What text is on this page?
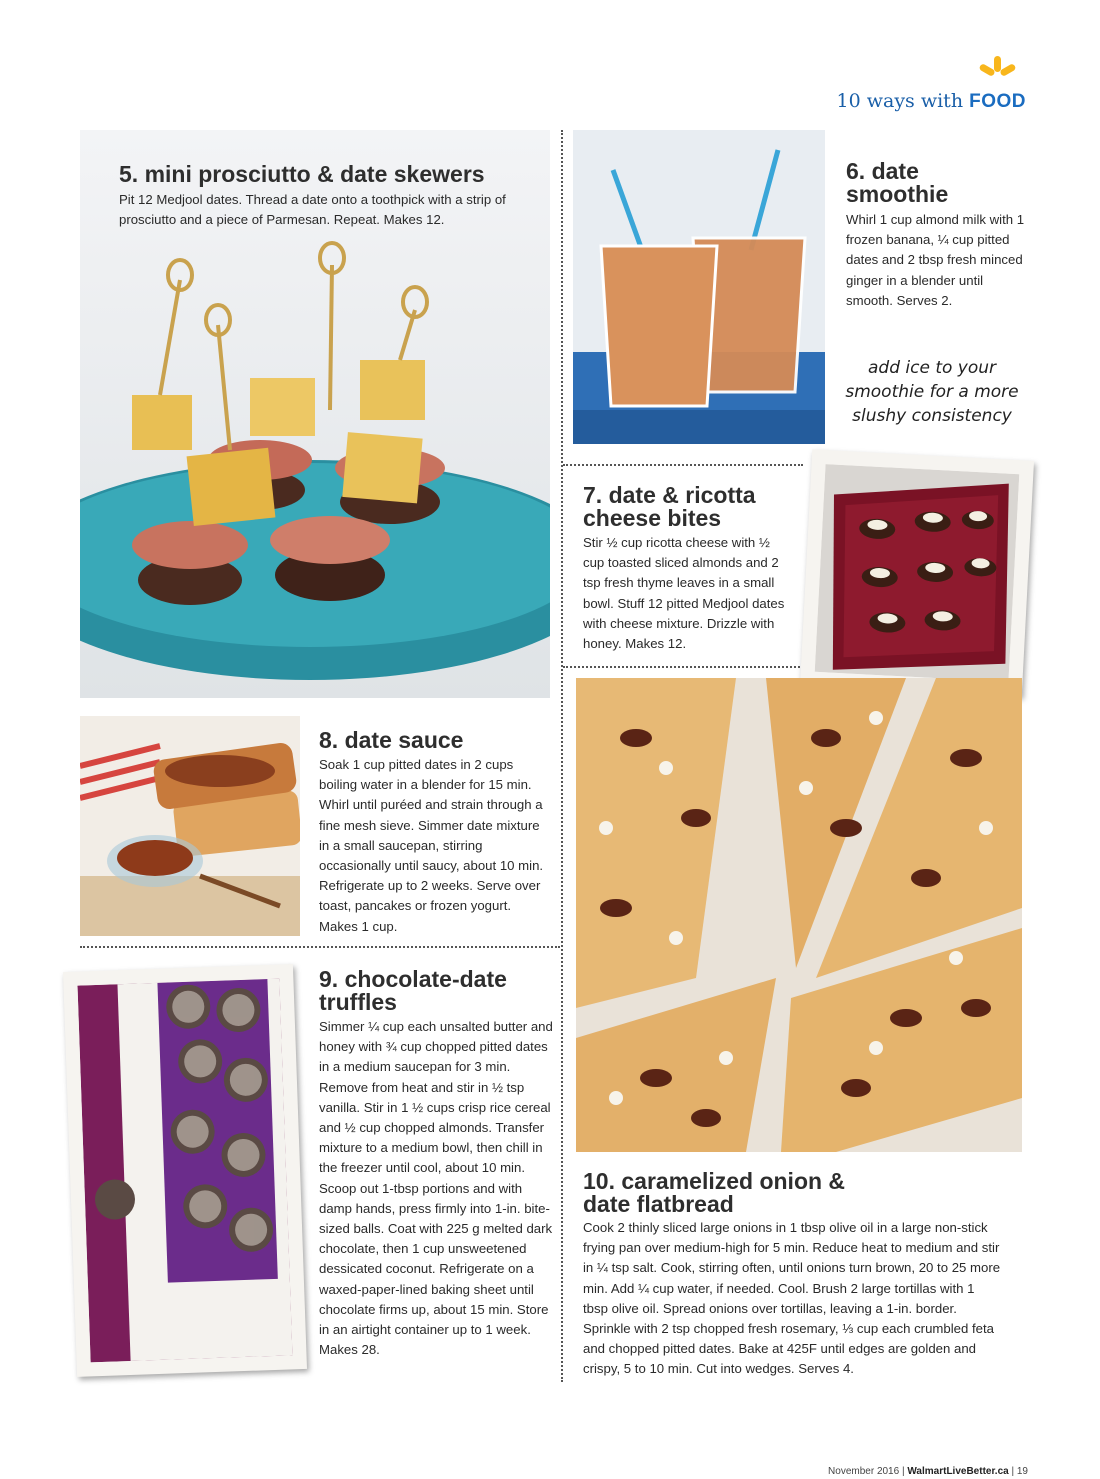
10 ways with FOOD
5. mini prosciutto & date skewers
Pit 12 Medjool dates. Thread a date onto a toothpick with a strip of prosciutto and a piece of Parmesan. Repeat. Makes 12.
6. date
smoothie
Whirl 1 cup almond milk with 1 frozen banana, ¼ cup pitted dates and 2 tbsp fresh minced ginger in a blender until smooth. Serves 2.
add ice to your smoothie for a more slushy consistency
7. date & ricotta
cheese bites
Stir ½ cup ricotta cheese with ½ cup toasted sliced almonds and 2 tsp fresh thyme leaves in a small bowl. Stuff 12 pitted Medjool dates with cheese mixture. Drizzle with honey. Makes 12.
8. date sauce
Soak 1 cup pitted dates in 2 cups boiling water in a blender for 15 min. Whirl until puréed and strain through a fine mesh sieve. Simmer date mixture in a small saucepan, stirring occasionally until saucy, about 10 min. Refrigerate up to 2 weeks. Serve over toast, pancakes or frozen yogurt. Makes 1 cup.
9. chocolate-date
truffles
Simmer ¼ cup each unsalted butter and honey with ¾ cup chopped pitted dates in a medium saucepan for 3 min. Remove from heat and stir in ½ tsp vanilla. Stir in 1 ½ cups crisp rice cereal and ½ cup chopped almonds. Transfer mixture to a medium bowl, then chill in the freezer until cool, about 10 min. Scoop out 1-tbsp portions and with damp hands, press firmly into 1-in. bite-sized balls. Coat with 225 g melted dark chocolate, then 1 cup unsweetened dessicated coconut. Refrigerate on a waxed-paper-lined baking sheet until chocolate firms up, about 15 min. Store in an airtight container up to 1 week. Makes 28.
10. caramelized onion &
date flatbread
Cook 2 thinly sliced large onions in 1 tbsp olive oil in a large non-stick frying pan over medium-high for 5 min. Reduce heat to medium and stir in ¼ tsp salt. Cook, stirring often, until onions turn brown, 20 to 25 more min. Add ¼ cup water, if needed. Cool. Brush 2 large tortillas with 1 tbsp olive oil. Spread onions over tortillas, leaving a 1-in. border. Sprinkle with 2 tsp chopped fresh rosemary, ⅓ cup each crumbled feta and chopped pitted dates. Bake at 425F until edges are golden and crispy, 5 to 10 min. Cut into wedges. Serves 4.
November 2016 | WalmartLiveBetter.ca | 19
